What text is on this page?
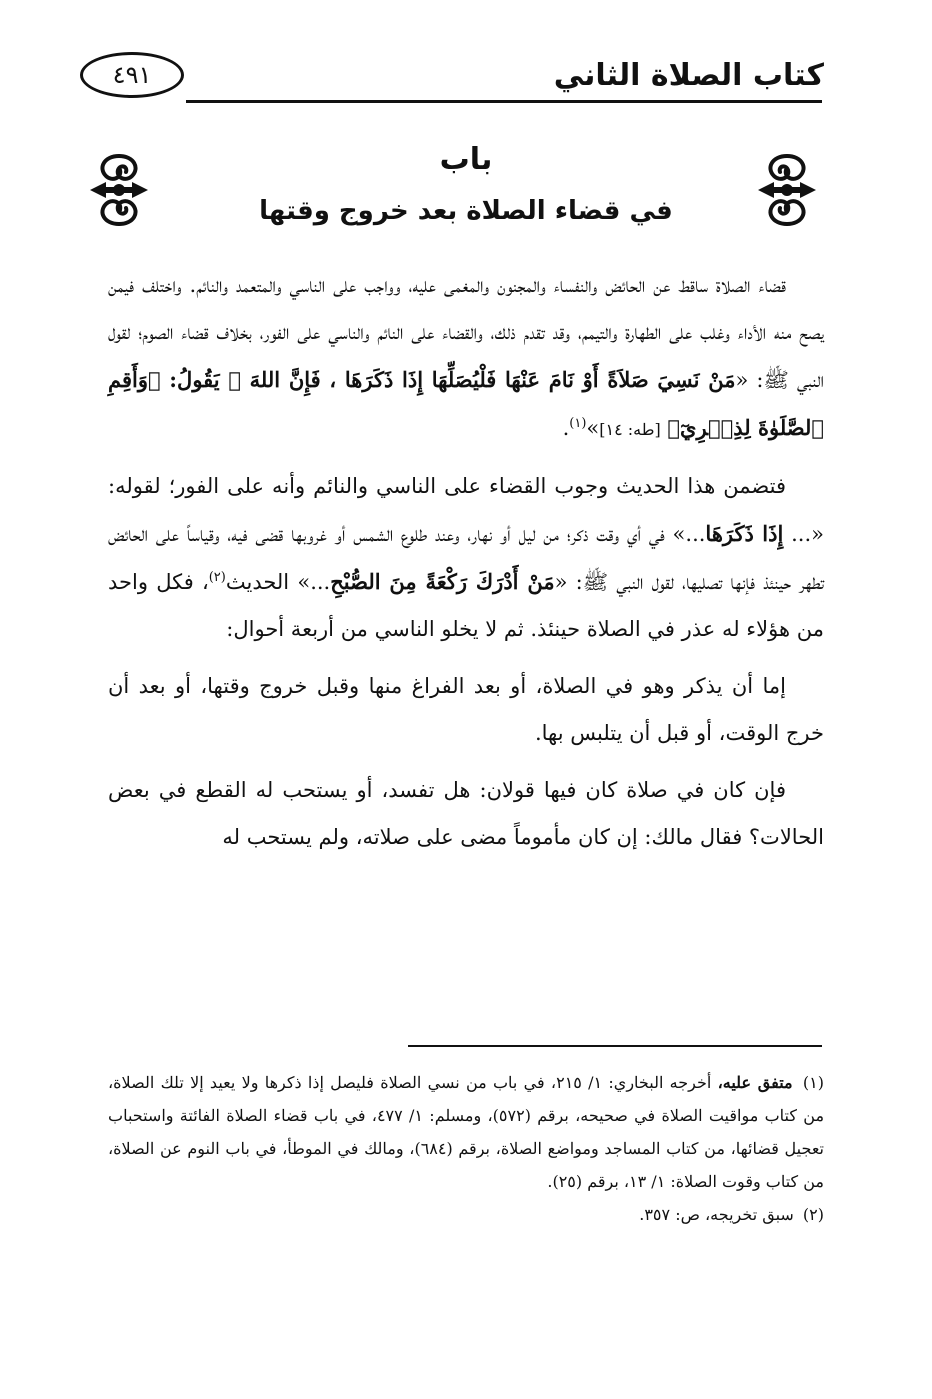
كتاب الصلاة الثاني
٤٩١
باب
في قضاء الصلاة بعد خروج وقتها

قضاء الصلاة ساقط عن الحائض والنفساء والمجنون والمغمى عليه، وواجب على الناسي والمتعمد والنائم. واختلف فيمن يصح منه الأداء وغلب على الطهارة والتيمم، وقد تقدم ذلك، والقضاء على النائم والناسي على الفور، بخلاف قضاء الصوم؛ لقول النبي ﷺ: «مَنْ نَسِيَ صَلاَةً أَوْ نَامَ عَنْهَا فَلْيُصَلِّهَا إِذَا ذَكَرَهَا ، فَإِنَّ اللهَ ﷻ يَقُولُ: ﴿وَأَقِمِ ٱلصَّلَوٰةَ لِذِكۡرِيٓ﴾ [طه: ١٤]»$^{(١)}$.

فتضمن هذا الحديث وجوب القضاء على الناسي والنائم وأنه على الفور؛ لقوله: «... إِذَا ذَكَرَهَا...» في أي وقت ذكر؛ من ليل أو نهار، وعند طلوع الشمس أو غروبها قضى فيه، وقياساً على الحائض تطهر حينئذ فإنها تصليها، لقول النبي ﷺ: «مَنْ أَدْرَكَ رَكْعَةً مِنَ الصُّبْحِ...» الحديث$^{(٢)}$، فكل واحد من هؤلاء له عذر في الصلاة حينئذ. ثم لا يخلو الناسي من أربعة أحوال:

إما أن يذكر وهو في الصلاة، أو بعد الفراغ منها وقبل خروج وقتها، أو بعد أن خرج الوقت، أو قبل أن يتلبس بها.

فإن كان في صلاة كان فيها قولان: هل تفسد، أو يستحب له القطع في بعض الحالات؟ فقال مالك: إن كان مأموماً مضى على صلاته، ولم يستحب له

(١) متفق عليه، أخرجه البخاري: ١/ ٢١٥، في باب من نسي الصلاة فليصل إذا ذكرها ولا يعيد إلا تلك الصلاة، من كتاب مواقيت الصلاة في صحيحه، برقم (٥٧٢)، ومسلم: ١/ ٤٧٧، في باب قضاء الصلاة الفائتة واستحباب تعجيل قضائها، من كتاب المساجد ومواضع الصلاة، برقم (٦٨٤)، ومالك في الموطأ، في باب النوم عن الصلاة، من كتاب وقوت الصلاة: ١/ ١٣، برقم (٢٥).

(٢) سبق تخريجه، ص: ٣٥٧.
